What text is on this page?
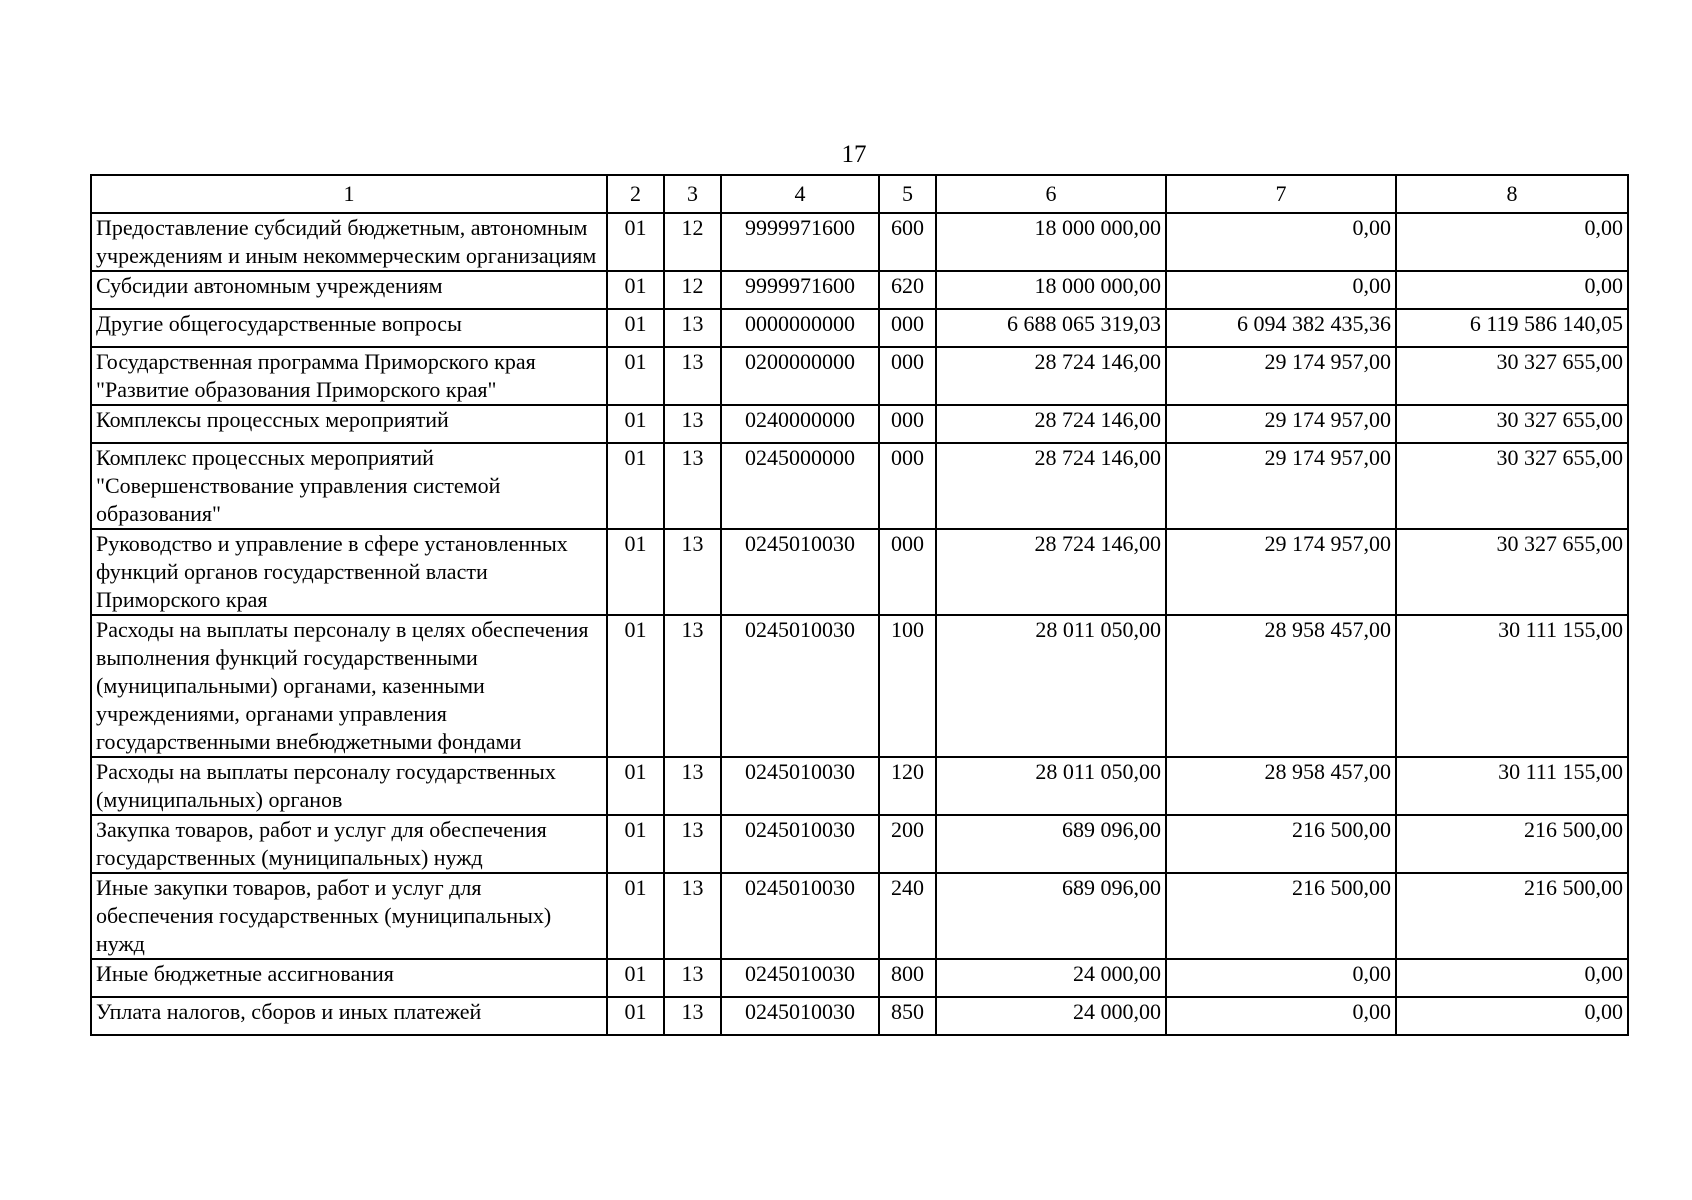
17
1	2	3	4	5	6	7	8
Предоставление субсидий бюджетным, автономным учреждениям и иным некоммерческим организациям	01	12	9999971600	600	18 000 000,00	0,00	0,00
Субсидии автономным учреждениям	01	12	9999971600	620	18 000 000,00	0,00	0,00
Другие общегосударственные вопросы	01	13	0000000000	000	6 688 065 319,03	6 094 382 435,36	6 119 586 140,05
Государственная программа Приморского края "Развитие образования Приморского края"	01	13	0200000000	000	28 724 146,00	29 174 957,00	30 327 655,00
Комплексы процессных мероприятий	01	13	0240000000	000	28 724 146,00	29 174 957,00	30 327 655,00
Комплекс процессных мероприятий "Совершенствование управления системой образования"	01	13	0245000000	000	28 724 146,00	29 174 957,00	30 327 655,00
Руководство и управление в сфере установленных функций органов государственной власти Приморского края	01	13	0245010030	000	28 724 146,00	29 174 957,00	30 327 655,00
Расходы на выплаты персоналу в целях обеспечения выполнения функций государственными (муниципальными) органами, казенными учреждениями, органами управления государственными внебюджетными фондами	01	13	0245010030	100	28 011 050,00	28 958 457,00	30 111 155,00
Расходы на выплаты персоналу государственных (муниципальных) органов	01	13	0245010030	120	28 011 050,00	28 958 457,00	30 111 155,00
Закупка товаров, работ и услуг для обеспечения государственных (муниципальных) нужд	01	13	0245010030	200	689 096,00	216 500,00	216 500,00
Иные закупки товаров, работ и услуг для обеспечения государственных (муниципальных) нужд	01	13	0245010030	240	689 096,00	216 500,00	216 500,00
Иные бюджетные ассигнования	01	13	0245010030	800	24 000,00	0,00	0,00
Уплата налогов, сборов и иных платежей	01	13	0245010030	850	24 000,00	0,00	0,00
